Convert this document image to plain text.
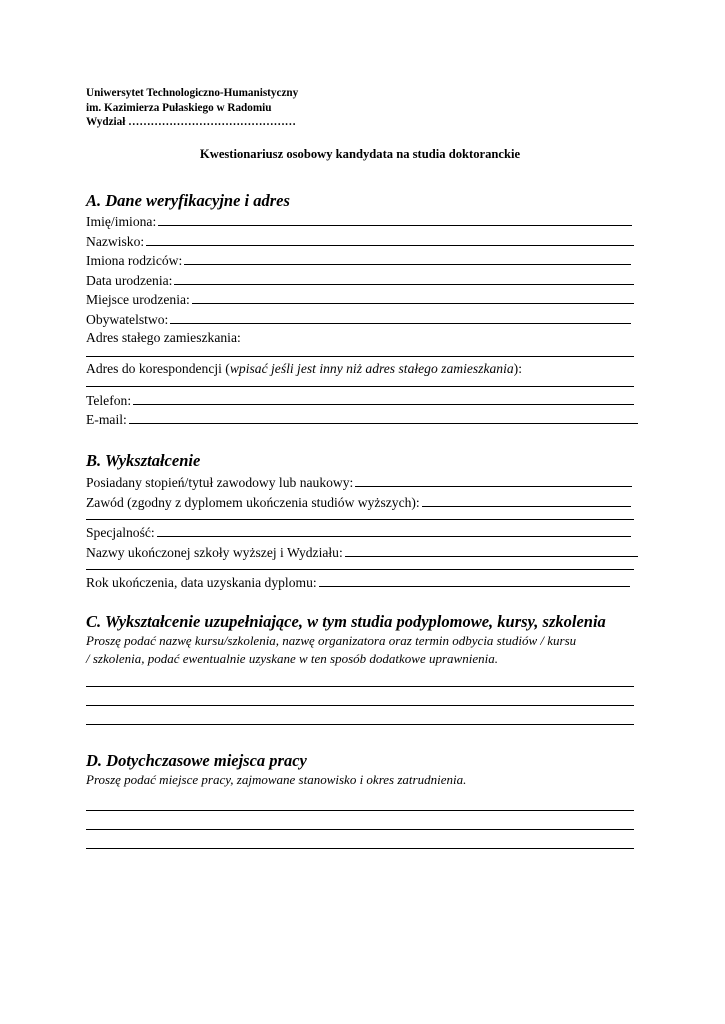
Uniwersytet Technologiczno-Humanistyczny
im. Kazimierza Pułaskiego w Radomiu
Wydział ………………………………………
Kwestionariusz osobowy kandydata na studia doktoranckie
A. Dane weryfikacyjne i adres
Imię/imiona:
Nazwisko:
Imiona rodziców:
Data urodzenia:
Miejsce urodzenia:
Obywatelstwo:
Adres stałego zamieszkania:
Adres do korespondencji (wpisać jeśli jest inny niż adres stałego zamieszkania):
Telefon:
E-mail:
B. Wykształcenie
Posiadany stopień/tytuł zawodowy lub naukowy:
Zawód (zgodny z dyplomem ukończenia studiów wyższych):
Specjalność:
Nazwy ukończonej szkoły wyższej i Wydziału:
Rok ukończenia, data uzyskania dyplomu:
C. Wykształcenie uzupełniające, w tym studia podyplomowe, kursy, szkolenia
Proszę podać nazwę kursu/szkolenia, nazwę organizatora oraz termin odbycia studiów / kursu
/ szkolenia, podać ewentualnie uzyskane w ten sposób dodatkowe uprawnienia.
D. Dotychczasowe miejsca pracy
Proszę podać miejsce pracy, zajmowane stanowisko i okres zatrudnienia.
